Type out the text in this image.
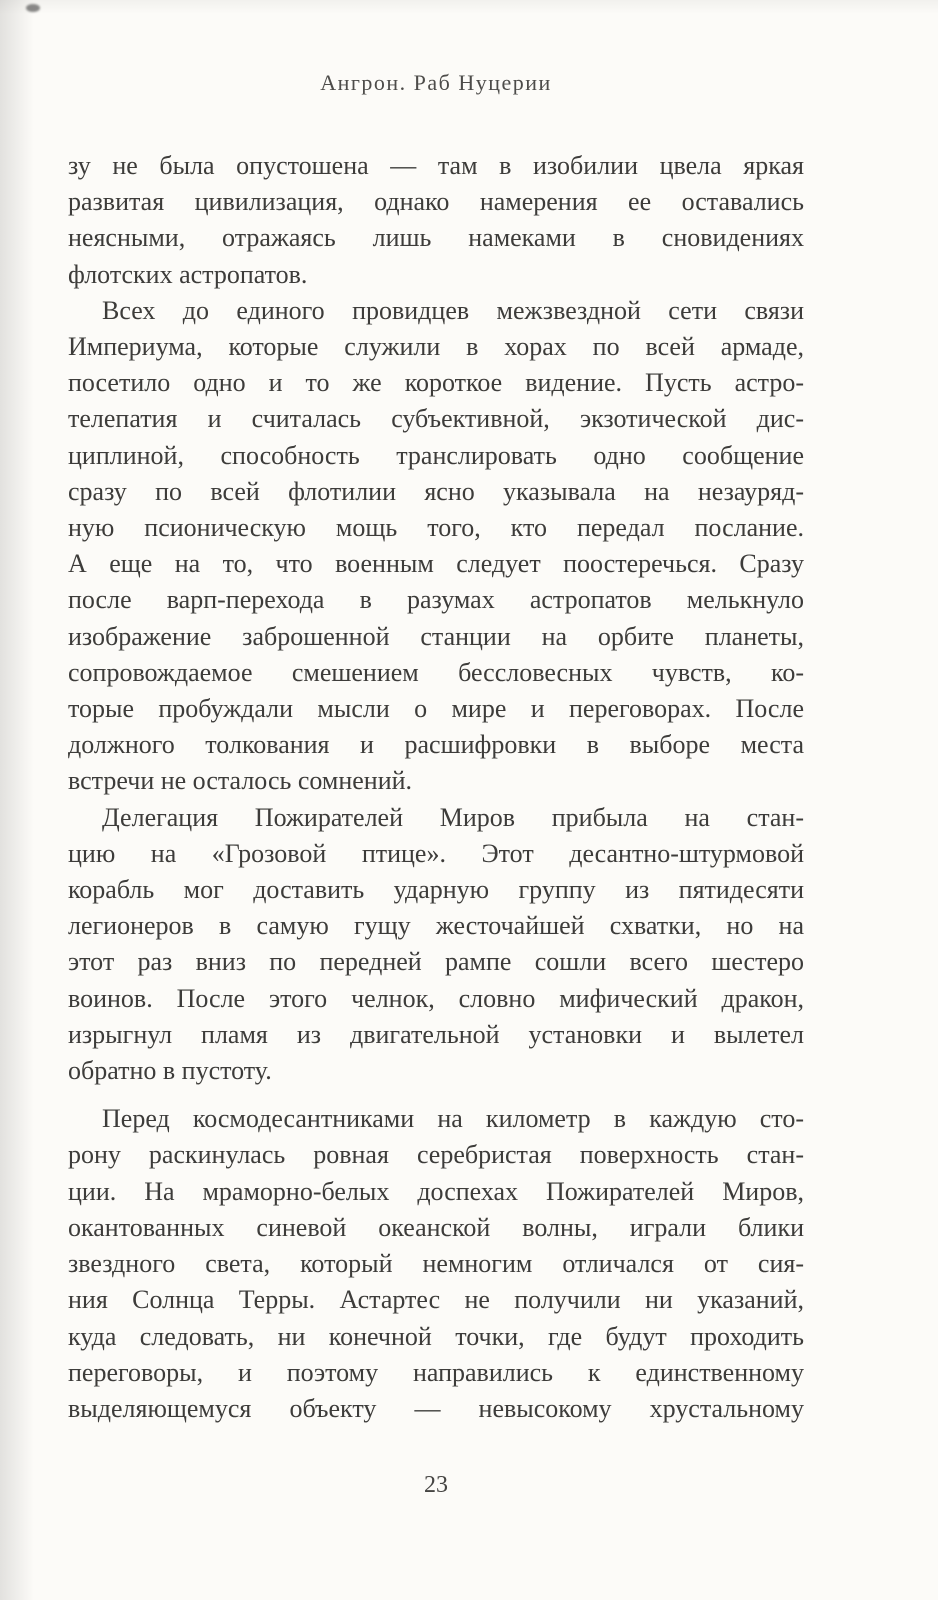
Ангрон. Раб Нуцерии
зу не была опустошена — там в изобилии цвела яркая
развитая цивилизация, однако намерения ее оставались
неясными, отражаясь лишь намеками в сновидениях
флотских астропатов.
Всех до единого провидцев межзвездной сети связи
Империума, которые служили в хорах по всей армаде,
посетило одно и то же короткое видение. Пусть астро-
телепатия и считалась субъективной, экзотической дис-
циплиной, способность транслировать одно сообщение
сразу по всей флотилии ясно указывала на незауряд-
ную псионическую мощь того, кто передал послание.
А еще на то, что военным следует поостеречься. Сразу
после варп-перехода в разумах астропатов мелькнуло
изображение заброшенной станции на орбите планеты,
сопровождаемое смешением бессловесных чувств, ко-
торые пробуждали мысли о мире и переговорах. После
должного толкования и расшифровки в выборе места
встречи не осталось сомнений.
Делегация Пожирателей Миров прибыла на стан-
цию на «Грозовой птице». Этот десантно-штурмовой
корабль мог доставить ударную группу из пятидесяти
легионеров в самую гущу жесточайшей схватки, но на
этот раз вниз по передней рампе сошли всего шестеро
воинов. После этого челнок, словно мифический дракон,
изрыгнул пламя из двигательной установки и вылетел
обратно в пустоту.
Перед космодесантниками на километр в каждую сто-
рону раскинулась ровная серебристая поверхность стан-
ции. На мраморно-белых доспехах Пожирателей Миров,
окантованных синевой океанской волны, играли блики
звездного света, который немногим отличался от сия-
ния Солнца Терры. Астартес не получили ни указаний,
куда следовать, ни конечной точки, где будут проходить
переговоры, и поэтому направились к единственному
выделяющемуся объекту — невысокому хрустальному
23
